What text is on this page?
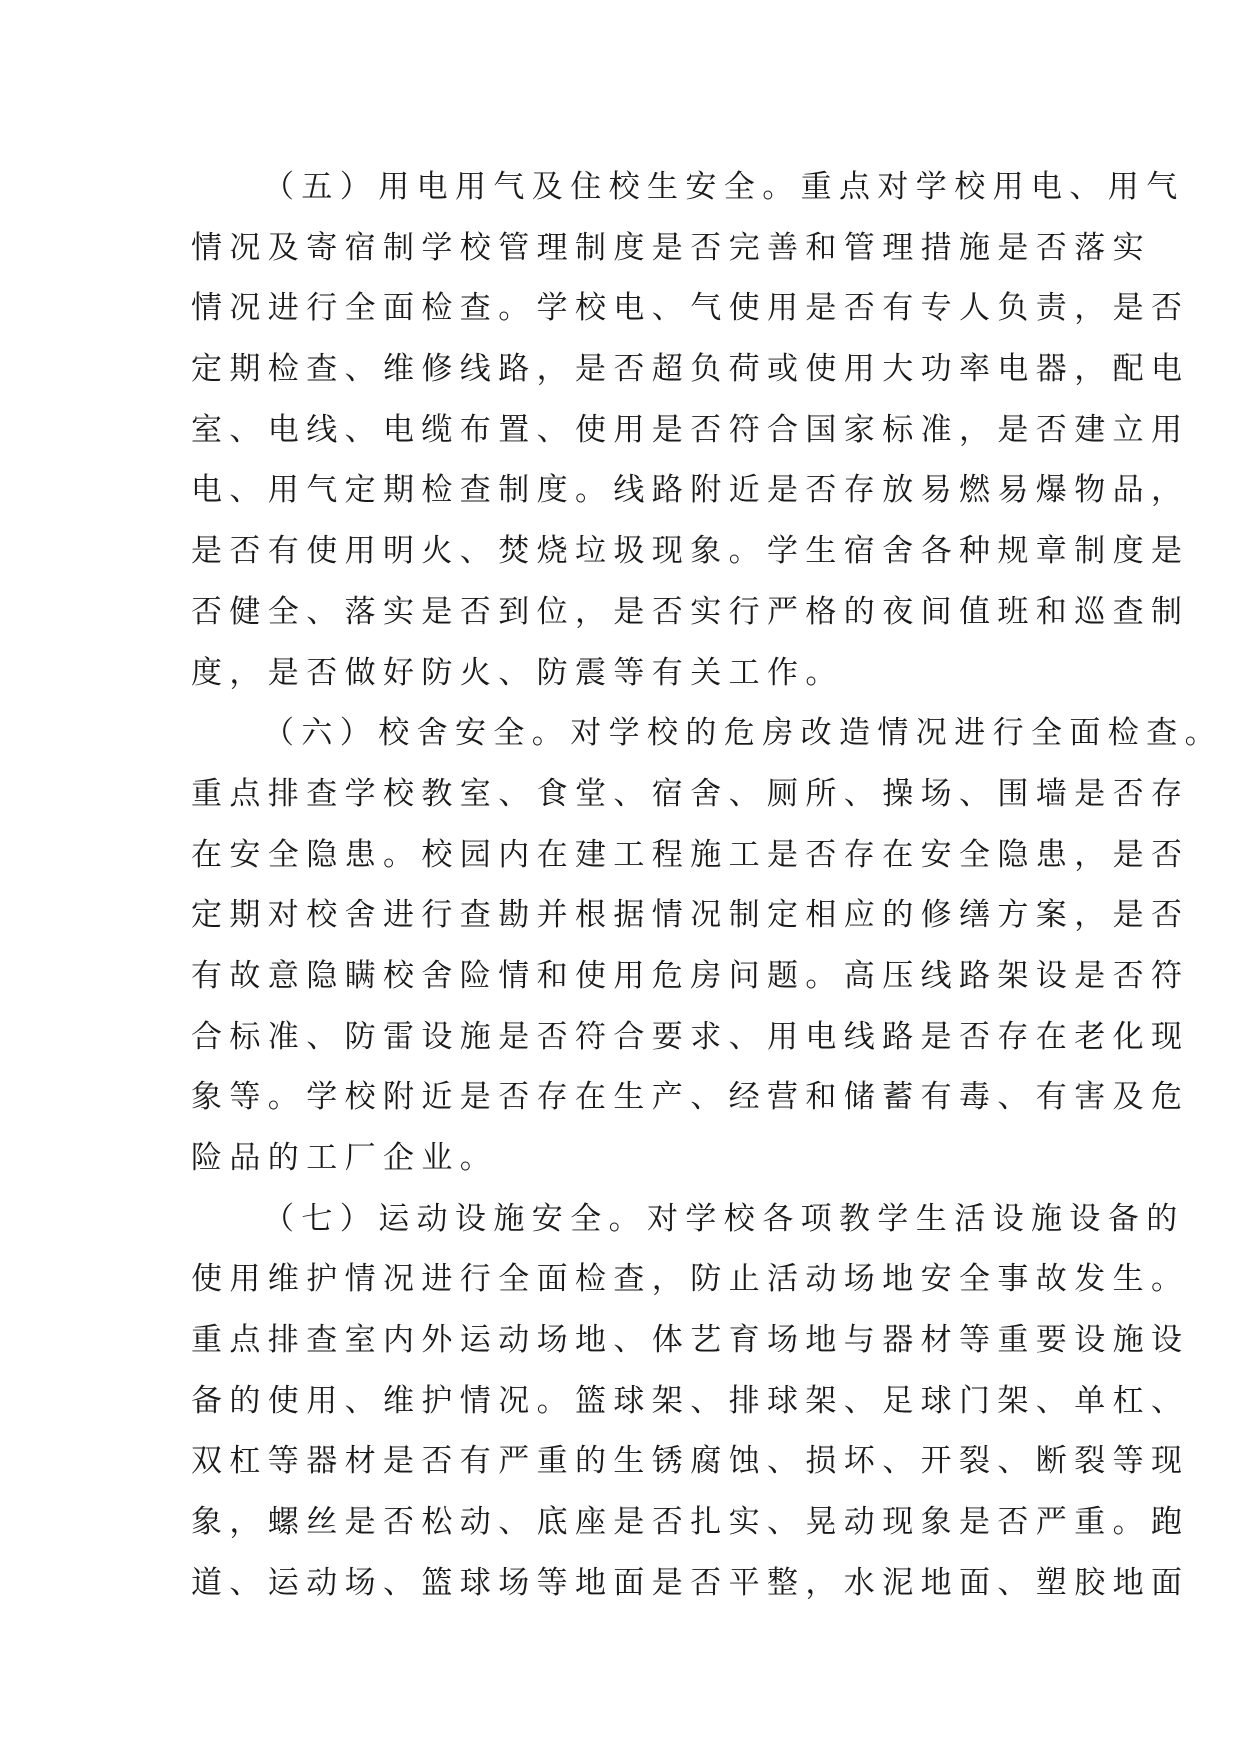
（五）用电用气及住校生安全。重点对学校用电、用气
情况及寄宿制学校管理制度是否完善和管理措施是否落实
情况进行全面检查。学校电、气使用是否有专人负责，是否
定期检查、维修线路，是否超负荷或使用大功率电器，配电
室、电线、电缆布置、使用是否符合国家标准，是否建立用
电、用气定期检查制度。线路附近是否存放易燃易爆物品，
是否有使用明火、焚烧垃圾现象。学生宿舍各种规章制度是
否健全、落实是否到位，是否实行严格的夜间值班和巡查制
度，是否做好防火、防震等有关工作。
（六）校舍安全。对学校的危房改造情况进行全面检查。
重点排查学校教室、食堂、宿舍、厕所、操场、围墙是否存
在安全隐患。校园内在建工程施工是否存在安全隐患，是否
定期对校舍进行查勘并根据情况制定相应的修缮方案，是否
有故意隐瞒校舍险情和使用危房问题。高压线路架设是否符
合标准、防雷设施是否符合要求、用电线路是否存在老化现
象等。学校附近是否存在生产、经营和储蓄有毒、有害及危
险品的工厂企业。
（七）运动设施安全。对学校各项教学生活设施设备的
使用维护情况进行全面检查，防止活动场地安全事故发生。
重点排查室内外运动场地、体艺育场地与器材等重要设施设
备的使用、维护情况。篮球架、排球架、足球门架、单杠、
双杠等器材是否有严重的生锈腐蚀、损坏、开裂、断裂等现
象，螺丝是否松动、底座是否扎实、晃动现象是否严重。跑
道、运动场、篮球场等地面是否平整，水泥地面、塑胶地面
